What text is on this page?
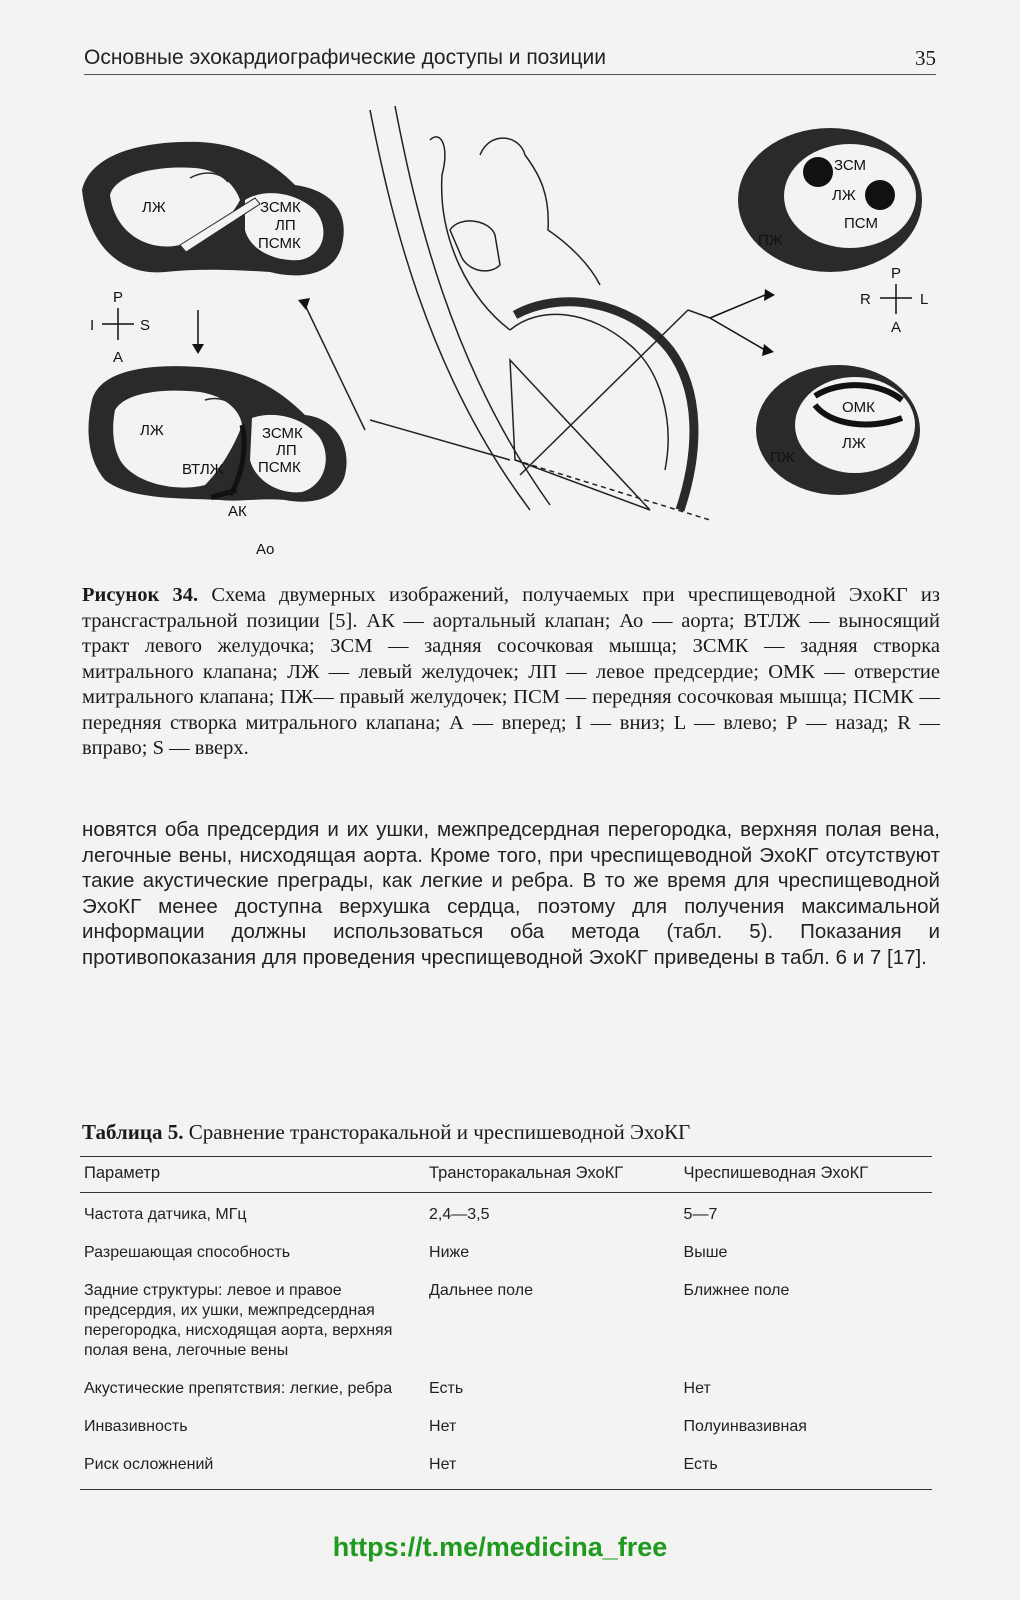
Основные эхокардиографические доступы и позиции	35
ЛЖ	ЗСМК
ЛП
ПСМК
P
I	S
A
ЛЖ	ЗСМК
ЛП
ПСМК
ВТЛЖ
АК
Ao
ЗСМ
ЛЖ
ПСМ
ПЖ
P
R	L
A
ОМК
ЛЖ
ПЖ
Рисунок 34. Схема двумерных изображений, получаемых при чреспищеводной ЭхоКГ из трансгастральной позиции [5]. АК — аортальный клапан; Ао — аорта; ВТЛЖ — выносящий тракт левого желудочка; ЗСМ — задняя сосочковая мышца; ЗСМК — задняя створка митрального клапана; ЛЖ — левый желудочек; ЛП — левое предсердие; ОМК — отверстие митрального клапана; ПЖ— правый желудочек; ПСМ — передняя сосочковая мышца; ПСМК — передняя створка митрального клапана; А — вперед; I — вниз; L — влево; Р — назад; R — вправо; S — вверх.
новятся оба предсердия и их ушки, межпредсердная перегородка, верхняя полая вена, легочные вены, нисходящая аорта. Кроме того, при чреспищеводной ЭхоКГ отсутствуют такие акустические преграды, как легкие и ребра. В то же время для чреспищеводной ЭхоКГ менее доступна верхушка сердца, поэтому для получения максимальной информации должны использоваться оба метода (табл. 5). Показания и противопоказания для проведения чреспищеводной ЭхоКГ приведены в табл. 6 и 7 [17].
Таблица 5. Сравнение трансторакальной и чреспишеводной ЭхоКГ
Параметр	Трансторакальная ЭхоКГ	Чреспишеводная ЭхоКГ
Частота датчика, МГц	2,4—3,5	5—7
Разрешающая способность	Ниже	Выше
Задние структуры: левое и правое предсердия, их ушки, межпредсердная перегородка, нисходящая аорта, верхняя полая вена, легочные вены	Дальнее поле	Ближнее поле
Акустические препятствия: легкие, ребра	Есть	Нет
Инвазивность	Нет	Полуинвазивная
Риск осложнений	Нет	Есть
https://t.me/medicina_free
